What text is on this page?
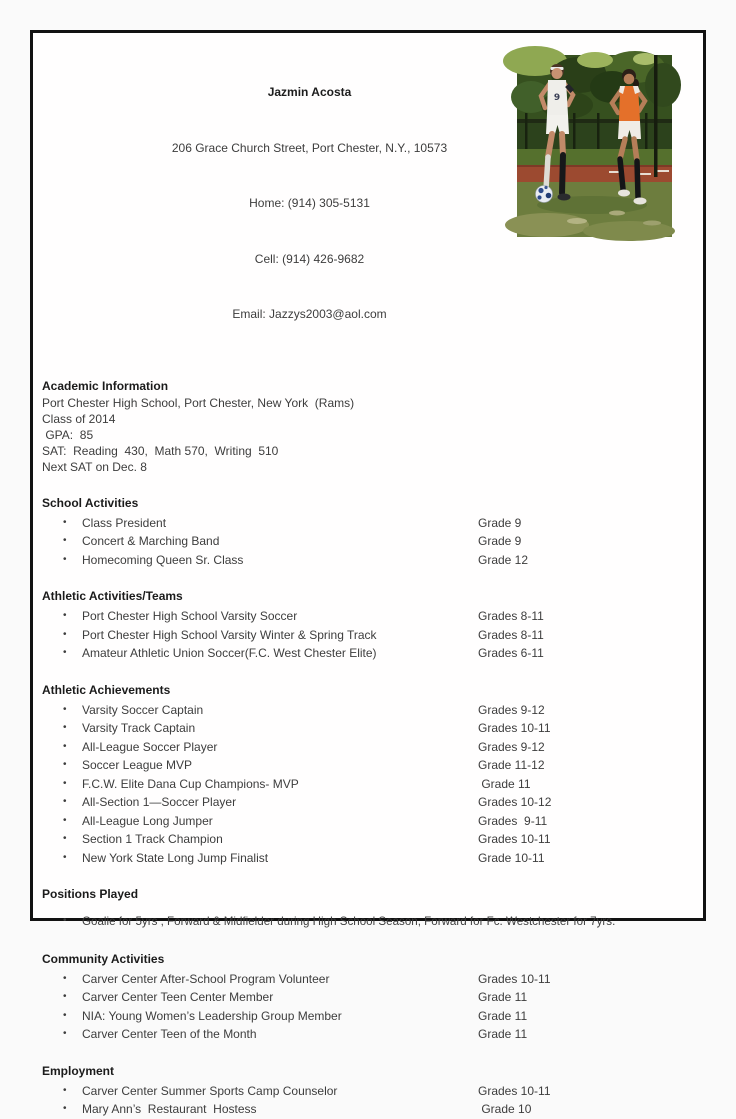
9

Jazmin Acosta

206 Grace Church Street, Port Chester, N.Y., 10573

Home: (914) 305-5131

Cell: (914) 426-9682

Email: Jazzys2003@aol.com

Academic Information
Port Chester High School, Port Chester, New York  (Rams)
Class of 2014
GPA:  85
SAT:  Reading  430,  Math 570,  Writing  510
Next SAT on Dec. 8
School Activities
• Class President	Grade 9
• Concert & Marching Band	Grade 9
• Homecoming Queen Sr. Class	Grade 12
Athletic Activities/Teams
• Port Chester High School Varsity Soccer	Grades 8-11
• Port Chester High School Varsity Winter & Spring Track	Grades 8-11
• Amateur Athletic Union Soccer(F.C. West Chester Elite)	Grades 6-11
Athletic Achievements
• Varsity Soccer Captain	Grades 9-12
• Varsity Track Captain	Grades 10-11
• All-League Soccer Player	Grades 9-12
• Soccer League MVP	Grade 11-12
• F.C.W. Elite Dana Cup Champions- MVP	Grade 11
• All-Section 1—Soccer Player	Grades 10-12
• All-League Long Jumper	Grades  9-11
• Section 1 Track Champion	Grades 10-11
• New York State Long Jump Finalist	Grade 10-11
Positions Played
• Goalie for 5yrs , Forward & Midfielder during High School Season, Forward for Fc. Westchester for 7yrs.
Community Activities
• Carver Center After-School Program Volunteer	Grades 10-11
• Carver Center Teen Center Member	Grade 11
• NIA: Young Women’s Leadership Group Member	Grade 11
• Carver Center Teen of the Month	Grade 11
Employment
• Carver Center Summer Sports Camp Counselor	Grades 10-11
• Mary Ann’s  Restaurant  Hostess	Grade 10
